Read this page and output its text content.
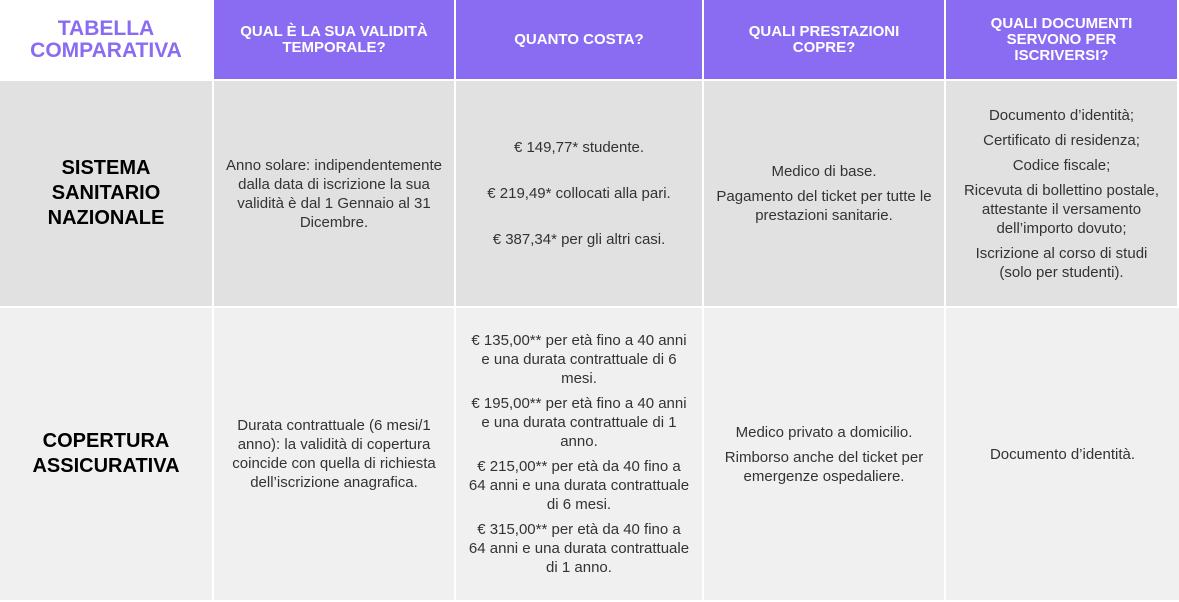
TABELLA
COMPARATIVA
QUAL È LA SUA VALIDITÀ TEMPORALE?	QUANTO COSTA?	QUALI PRESTAZIONI COPRE?
QUALI DOCUMENTI SERVONO PER ISCRIVERSI?
SISTEMA SANITARIO NAZIONALE

Anno solare: indipendentemente dalla data di iscrizione la sua validità è dal 1 Gennaio al 31 Dicembre.

€ 149,77* studente.

€ 219,49* collocati alla pari.

€ 387,34* per gli altri casi.

Medico di base.

Pagamento del ticket per tutte le prestazioni sanitarie.

Documento d’identità;

Certificato di residenza;

Codice fiscale;

Ricevuta di bollettino postale, attestante il versamento dell’importo dovuto;

Iscrizione al corso di studi (solo per studenti).

COPERTURA ASSICURATIVA

Durata contrattuale (6 mesi/1 anno): la validità di copertura coincide con quella di richiesta dell’iscrizione anagrafica.

€ 135,00** per età fino a 40 anni e una durata contrattuale di 6 mesi.

€ 195,00** per età fino a 40 anni e una durata contrattuale di 1 anno.

€ 215,00** per età da 40 fino a 64 anni e una durata contrattuale di 6 mesi.

€ 315,00** per età da 40 fino a 64 anni e una durata contrattuale di 1 anno.

Medico privato a domicilio.

Rimborso anche del ticket per emergenze ospedaliere.

Documento d’identità.
